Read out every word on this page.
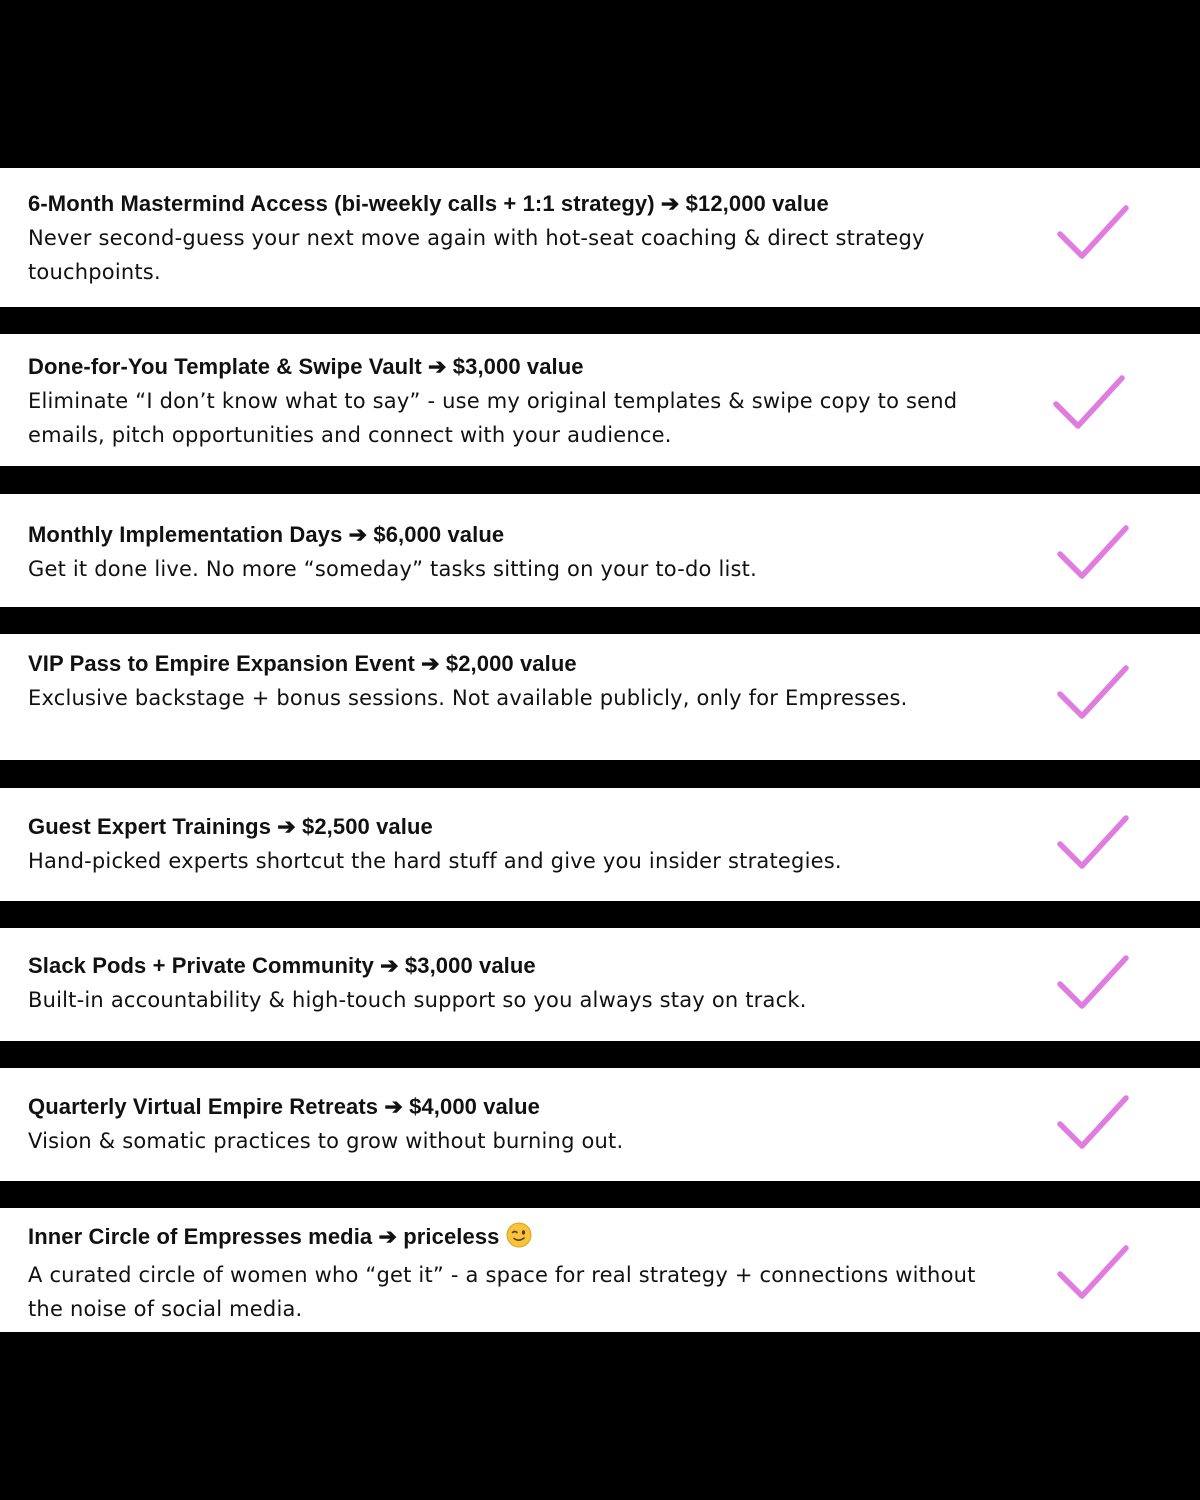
6-Month Mastermind Access (bi-weekly calls + 1:1 strategy) ➔ $12,000 value
Never second-guess your next move again with hot-seat coaching & direct strategy touchpoints.
Done-for-You Template & Swipe Vault ➔ $3,000 value
Eliminate “I don’t know what to say” - use my original templates & swipe copy to send emails, pitch opportunities and connect with your audience.
Monthly Implementation Days ➔ $6,000 value
Get it done live. No more “someday” tasks sitting on your to-do list.
VIP Pass to Empire Expansion Event ➔ $2,000 value
Exclusive backstage + bonus sessions. Not available publicly, only for Empresses.
Guest Expert Trainings ➔ $2,500 value
Hand-picked experts shortcut the hard stuff and give you insider strategies.
Slack Pods + Private Community ➔ $3,000 value
Built-in accountability & high-touch support so you always stay on track.
Quarterly Virtual Empire Retreats ➔ $4,000 value
Vision & somatic practices to grow without burning out.
Inner Circle of Empresses media ➔ priceless
A curated circle of women who “get it” - a space for real strategy + connections without the noise of social media.
